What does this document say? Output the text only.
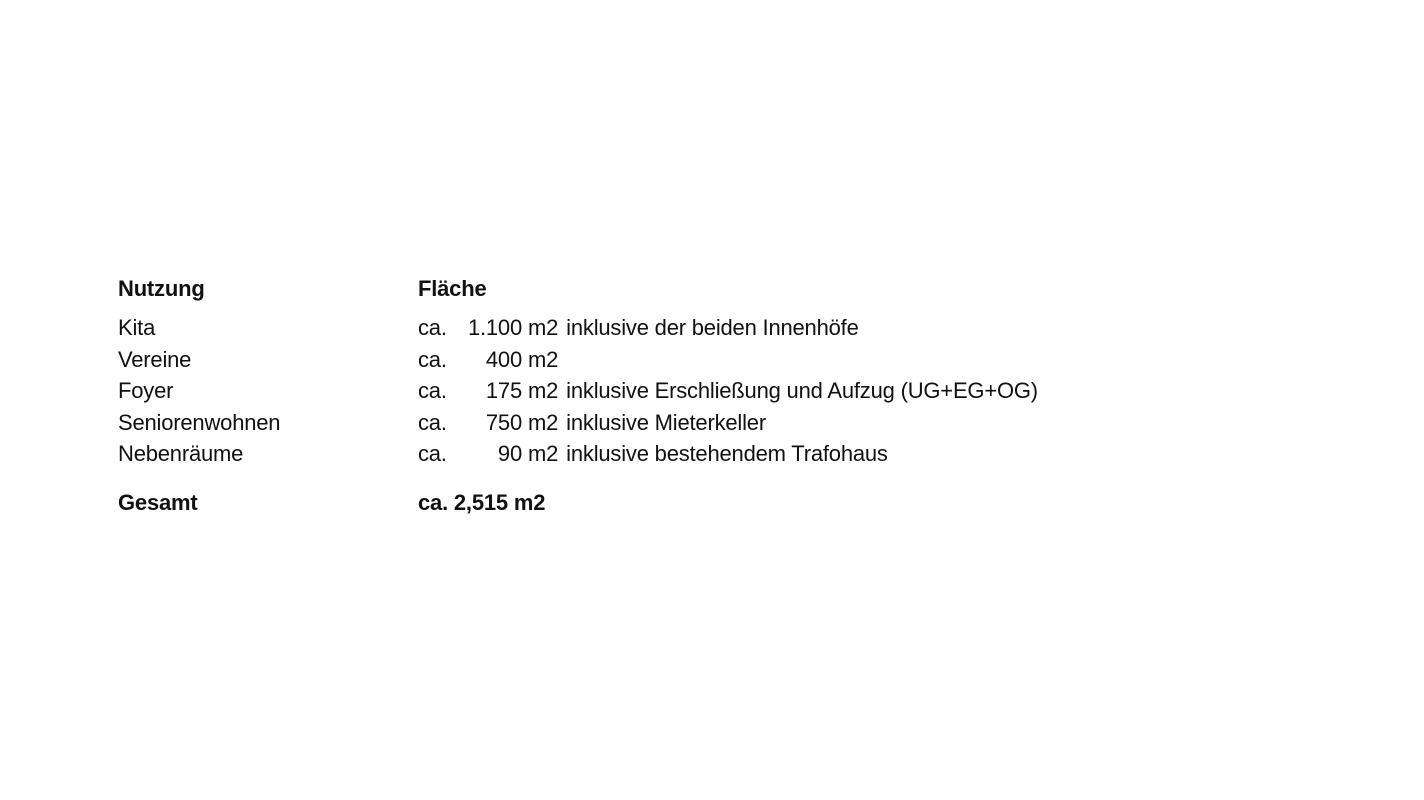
Nutzung	Fläche
Kita	ca. 1.100 m2 inklusive der beiden Innenhöfe
Vereine	ca.	400 m2
Foyer	ca.	175 m2 inklusive Erschließung und Aufzug (UG+EG+OG)
Seniorenwohnen	ca.	750 m2 inklusive Mieterkeller
Nebenräume	ca.	90 m2 inklusive bestehendem Trafohaus
Gesamt	ca. 2,515 m2
